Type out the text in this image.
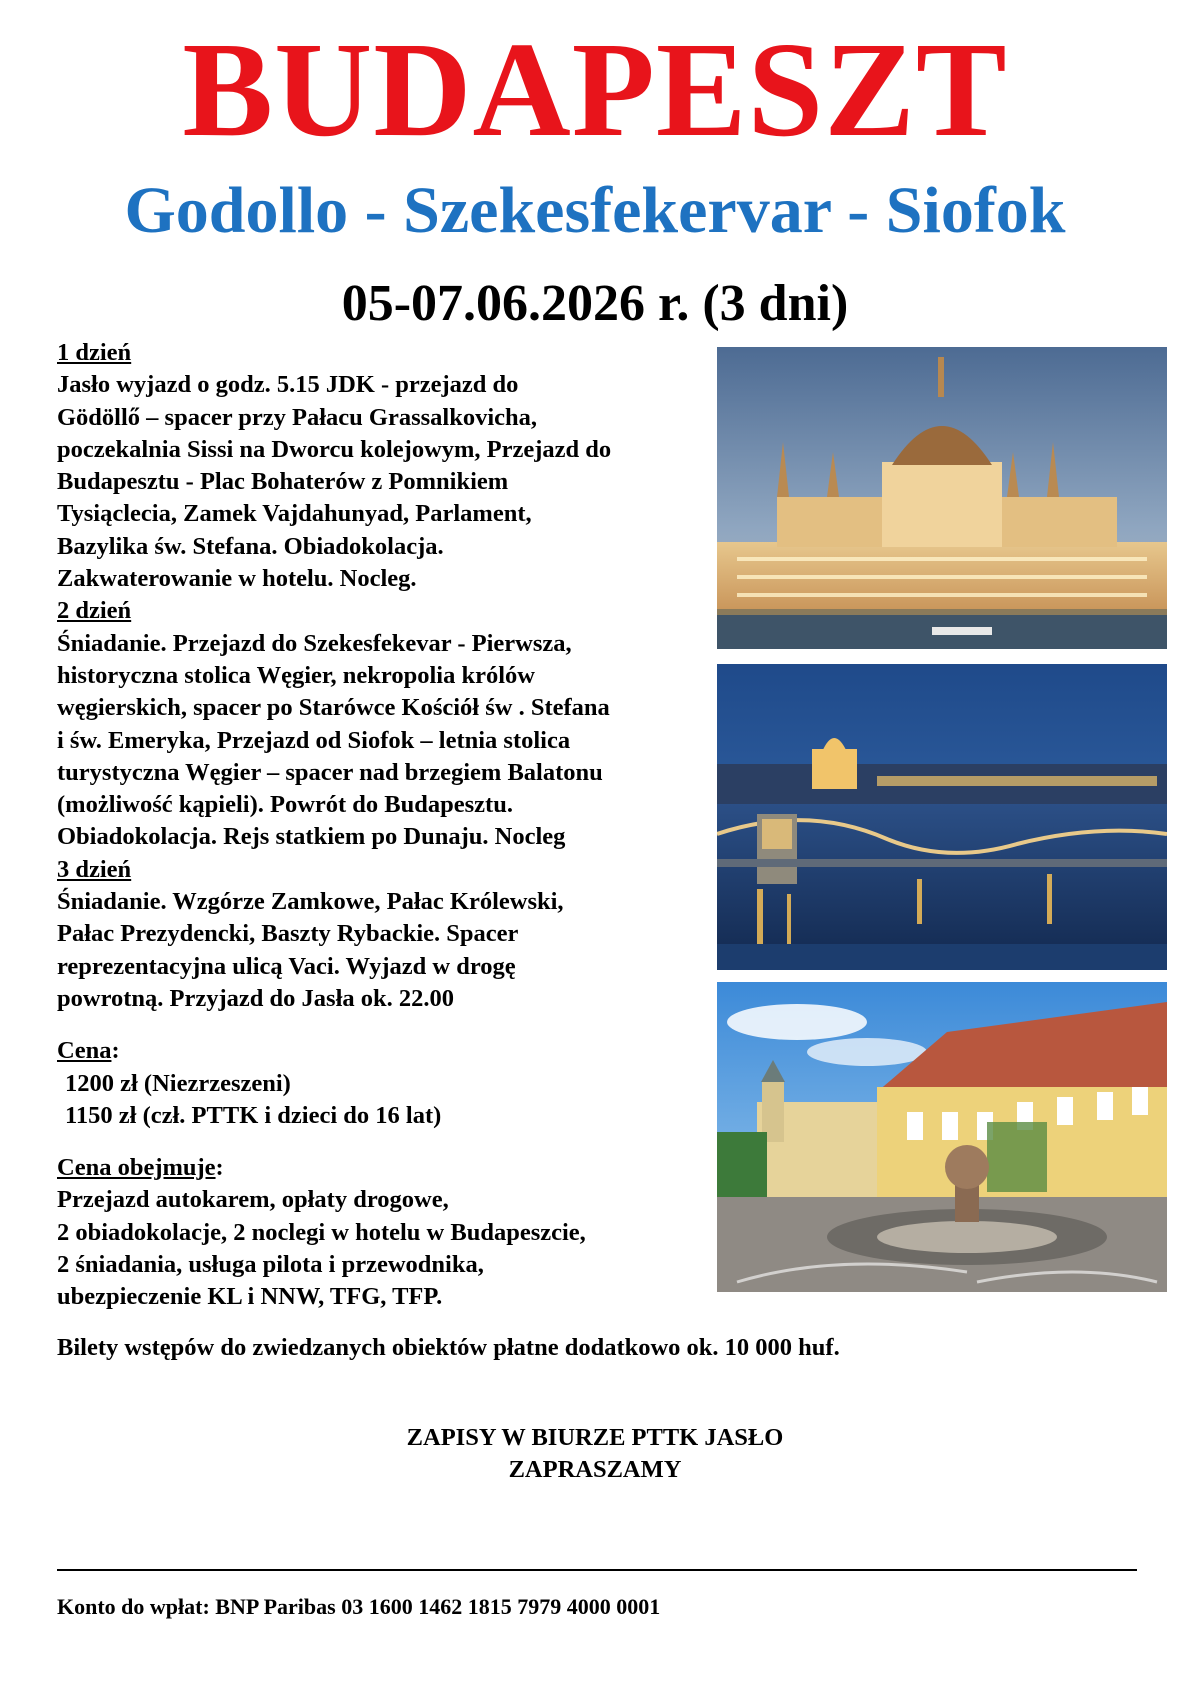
BUDAPESZT
Godollo - Szekesfekervar - Siofok
05-07.06.2026 r. (3 dni)

1 dzień

Jasło wyjazd o godz. 5.15 JDK - przejazd do

Gödöllő – spacer przy Pałacu Grassalkovicha,

poczekalnia Sissi na Dworcu kolejowym, Przejazd do

Budapesztu - Plac Bohaterów z Pomnikiem

Tysiąclecia, Zamek Vajdahunyad, Parlament,

Bazylika św. Stefana. Obiadokolacja.

Zakwaterowanie w hotelu. Nocleg.

2 dzień

Śniadanie. Przejazd do Szekesfekevar - Pierwsza,

historyczna stolica Węgier, nekropolia królów

węgierskich, spacer po Starówce Kościół św . Stefana

i św. Emeryka, Przejazd od Siofok – letnia stolica

turystyczna Węgier – spacer nad brzegiem Balatonu

(możliwość kąpieli). Powrót do Budapesztu.

Obiadokolacja. Rejs statkiem po Dunaju. Nocleg

3 dzień

Śniadanie. Wzgórze Zamkowe, Pałac Królewski,

Pałac Prezydencki, Baszty Rybackie. Spacer

reprezentacyjna ulicą Vaci. Wyjazd w drogę

powrotną. Przyjazd do Jasła ok. 22.00

Cena:

1200 zł (Niezrzeszeni)

1150 zł (czł. PTTK i dzieci do 16 lat)

Cena obejmuje:

Przejazd autokarem, opłaty drogowe,

2 obiadokolacje, 2 noclegi w hotelu w Budapeszcie,

2 śniadania, usługa pilota i przewodnika,

ubezpieczenie KL i NNW, TFG, TFP.

Bilety wstępów do zwiedzanych obiektów płatne dodatkowo ok. 10 000 huf.
ZAPISY W BIURZE PTTK JASŁO
ZAPRASZAMY
Konto do wpłat: BNP Paribas 03 1600 1462 1815 7979 4000 0001
